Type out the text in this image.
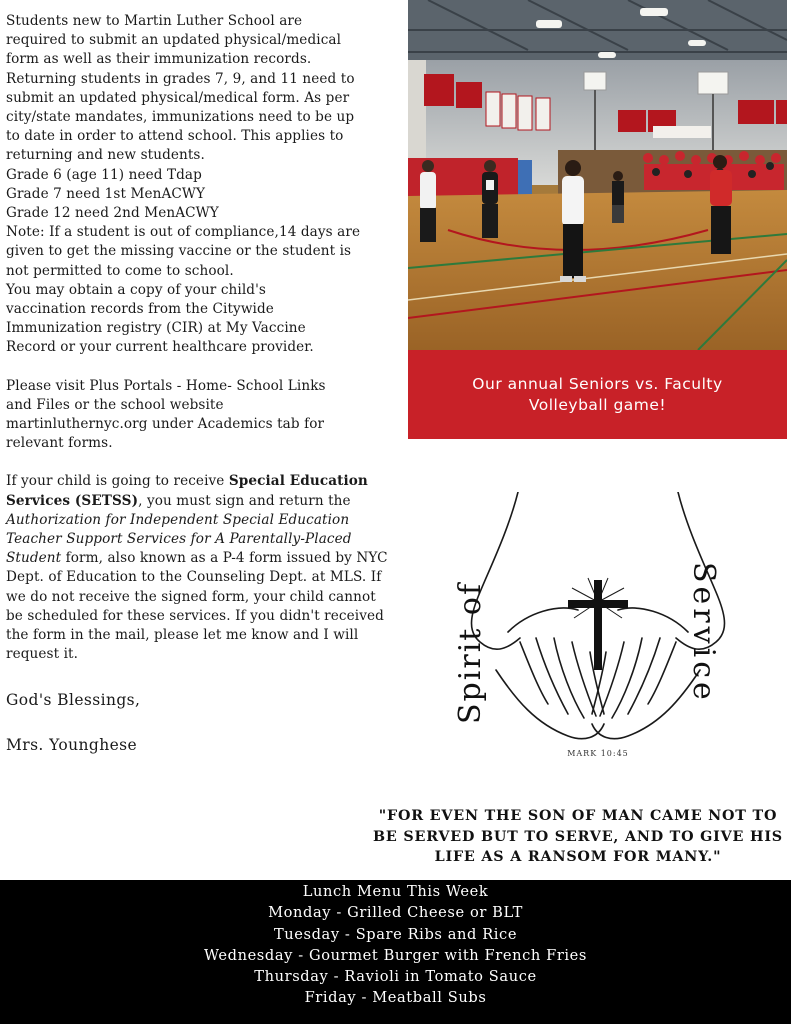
Students new to Martin Luther School are

required to submit an updated physical/medical

form as well as their immunization records.

Returning students in grades 7, 9, and 11 need to

submit an updated physical/medical form. As per

city/state mandates, immunizations need to be up

to date in order to attend school. This applies to

returning and new students.

Grade 6 (age 11) need Tdap

Grade 7 need 1st MenACWY

Grade 12 need 2nd MenACWY

Note: If a student is out of compliance,14 days are

given to get the missing vaccine or the student is

not permitted to come to school.

You may obtain a copy of your child's

vaccination records from the Citywide

Immunization registry (CIR) at My Vaccine

Record or your current healthcare provider.

Please visit Plus Portals - Home- School Links

and Files or the school website

martinluthernyc.org under Academics tab for

relevant forms.

If your child is going to receive Special Education Services (SETSS), you must sign and return the Authorization for Independent Special Education Teacher Support Services for A Parentally-Placed Student form, also known as a P-4 form issued by NYC Dept. of Education to the Counseling Dept. at MLS. If we do not receive the signed form, your child cannot be scheduled for these services. If you didn't received the form in the mail, please let me know and I will request it.

God's Blessings,

Mrs. Younghese

Our annual Seniors vs. Faculty Volleyball game!
Spirit of	Service
MARK 10:45
"FOR EVEN THE SON OF MAN CAME NOT TO BE SERVED BUT TO SERVE, AND TO GIVE HIS LIFE AS A RANSOM FOR MANY."
Lunch Menu This Week
Monday - Grilled Cheese or BLT
Tuesday - Spare Ribs and Rice
Wednesday - Gourmet Burger with French Fries
Thursday - Ravioli in Tomato Sauce
Friday - Meatball Subs
